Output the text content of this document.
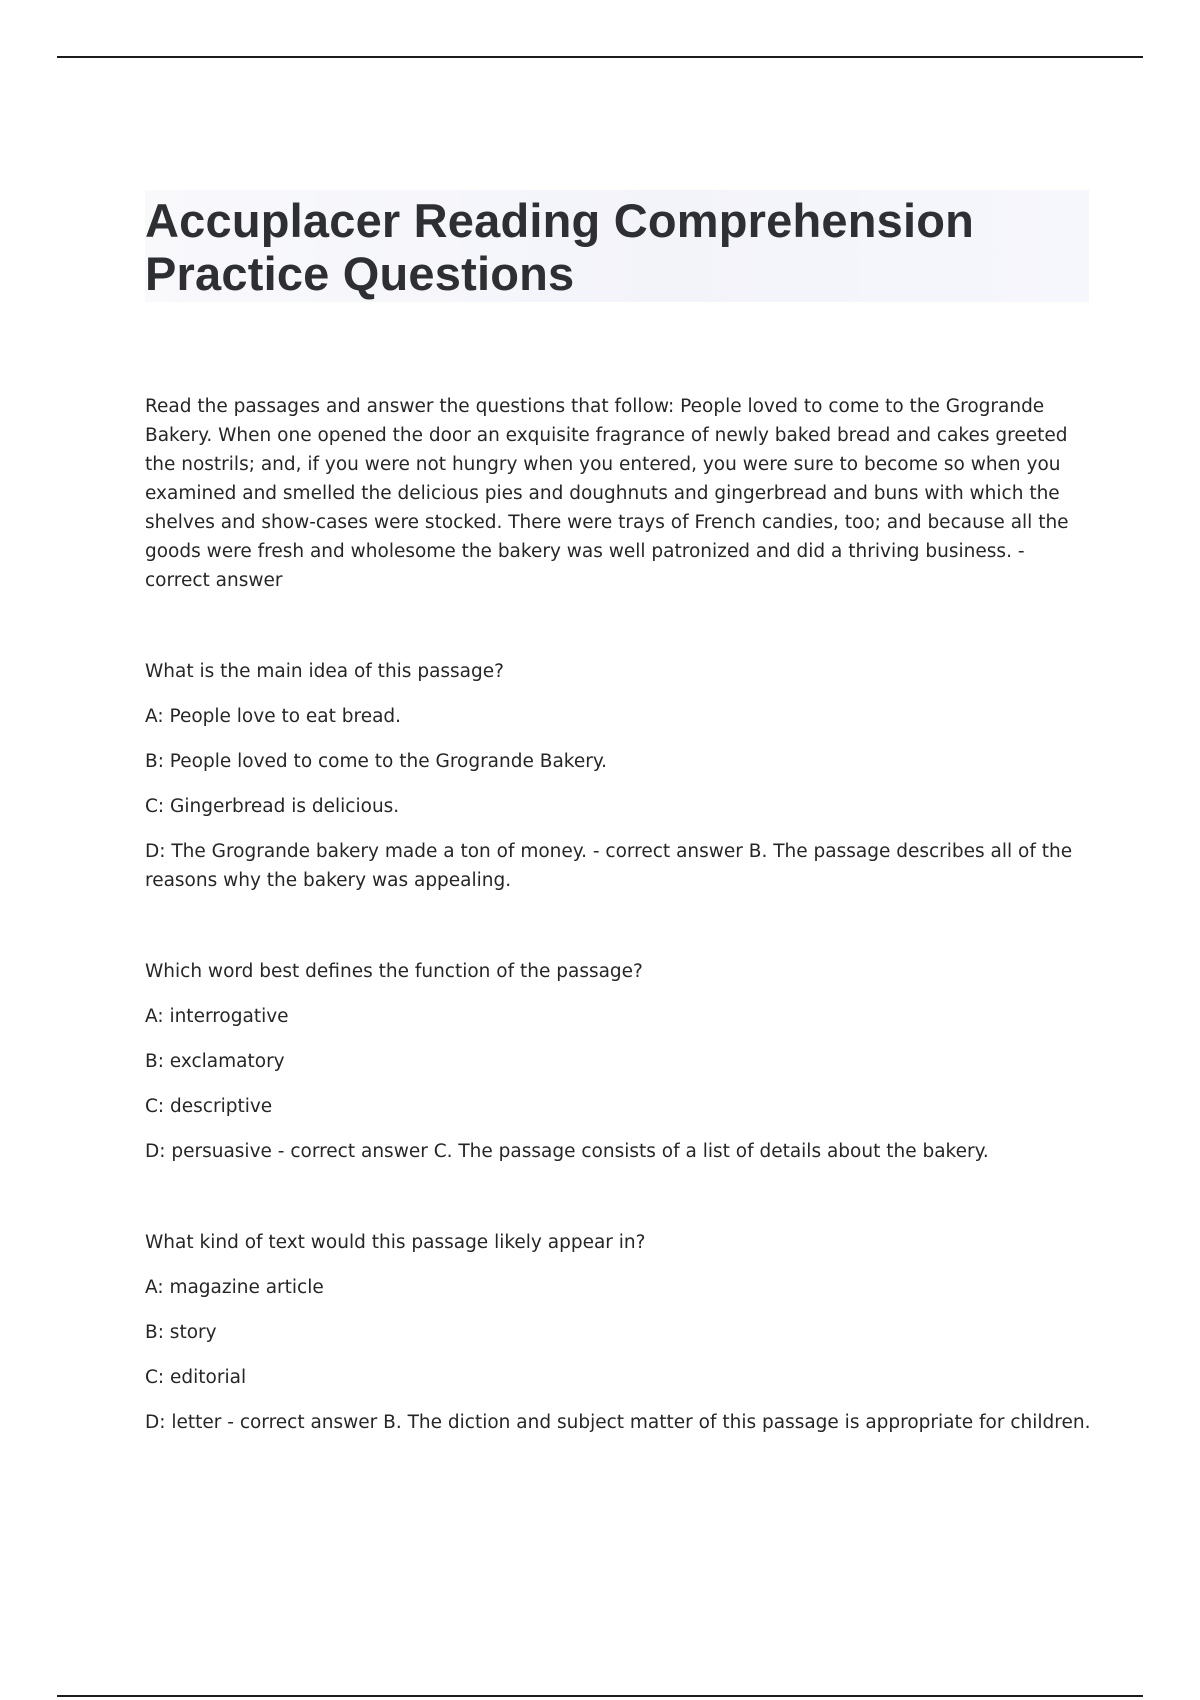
Accuplacer Reading Comprehension
Practice Questions

Read the passages and answer the questions that follow: People loved to come to the Grogrande Bakery. When one opened the door an exquisite fragrance of newly baked bread and cakes greeted the nostrils; and, if you were not hungry when you entered, you were sure to become so when you examined and smelled the delicious pies and doughnuts and gingerbread and buns with which the shelves and show-cases were stocked. There were trays of French candies, too; and because all the goods were fresh and wholesome the bakery was well patronized and did a thriving business. - correct answer

What is the main idea of this passage?

A: People love to eat bread.

B: People loved to come to the Grogrande Bakery.

C: Gingerbread is delicious.

D: The Grogrande bakery made a ton of money. - correct answer B. The passage describes all of the reasons why the bakery was appealing.

Which word best defines the function of the passage?

A: interrogative

B: exclamatory

C: descriptive

D: persuasive - correct answer C. The passage consists of a list of details about the bakery.

What kind of text would this passage likely appear in?

A: magazine article

B: story

C: editorial

D: letter - correct answer B. The diction and subject matter of this passage is appropriate for children.
